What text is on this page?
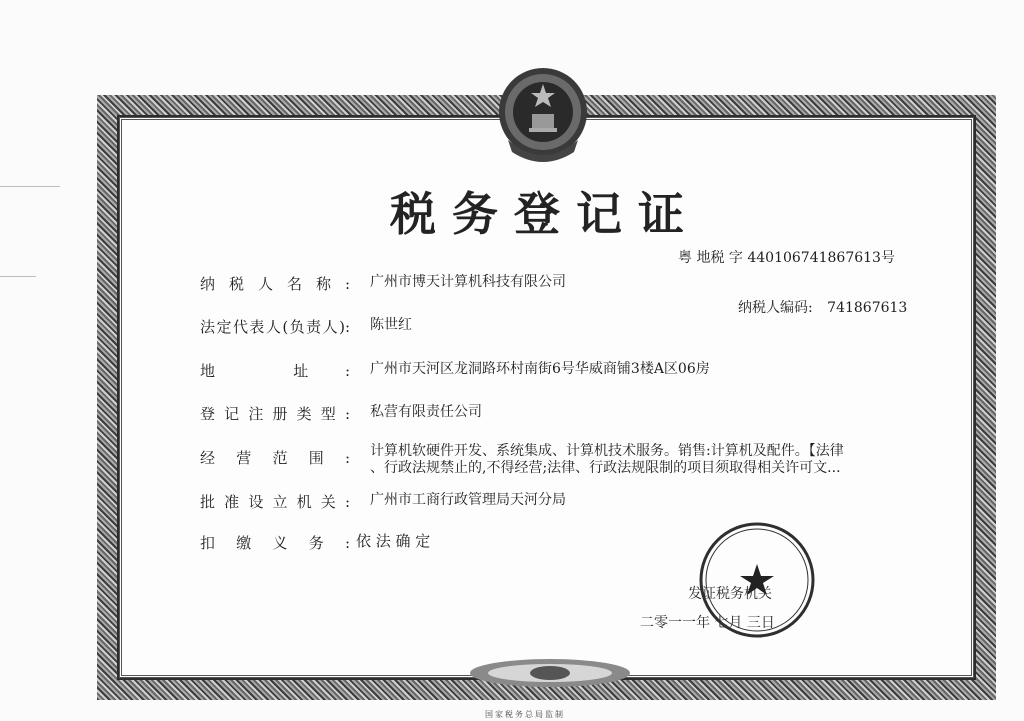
税务登记证
粤 地税 字 440106741867613号
纳税人编码: 741867613
纳税人名称: 广州市博天计算机科技有限公司
法定代表人(负责人): 陈世红
地 址: 广州市天河区龙洞路环村南街6号华威商铺3楼A区06房
登记注册类型: 私营有限责任公司
经营范围: 计算机软硬件开发、系统集成、计算机技术服务。销售:计算机及配件。【法律
、行政法规禁止的,不得经营;法律、行政法规限制的项目须取得相关许可文...
批准设立机关: 广州市工商行政管理局天河分局
扣缴义务: 依 法 确 定
发证税务机关
二零一一年 七月 三日
国家税务总局监制
